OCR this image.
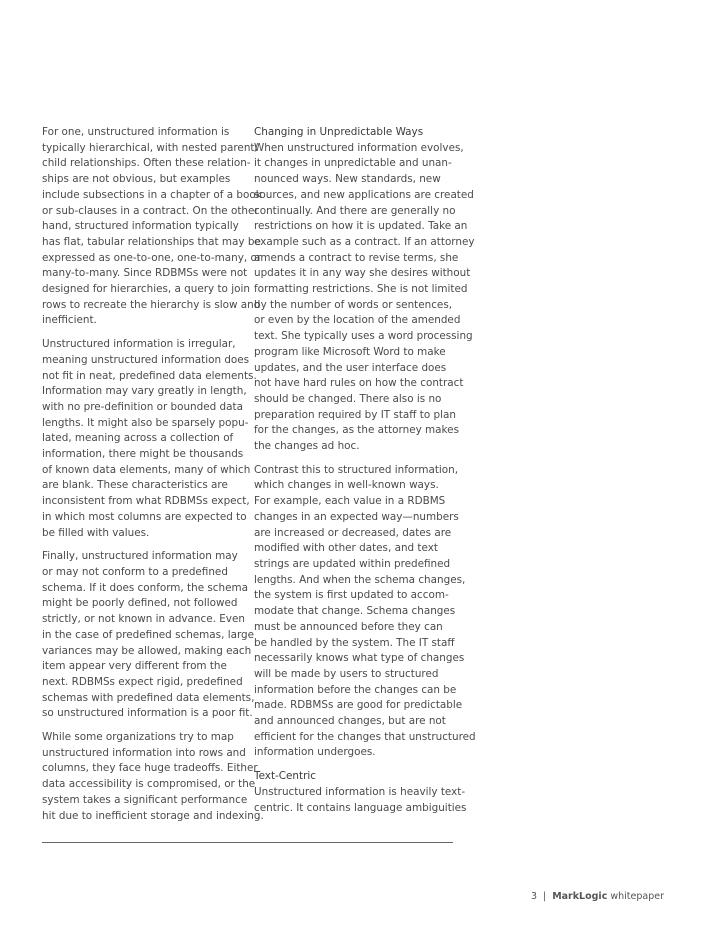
For one, unstructured information is
typically hierarchical, with nested parent/
child relationships. Often these relation-
ships are not obvious, but examples
include subsections in a chapter of a book
or sub-clauses in a contract. On the other
hand, structured information typically
has flat, tabular relationships that may be
expressed as one-to-one, one-to-many, or
many-to-many. Since RDBMSs were not
designed for hierarchies, a query to join
rows to recreate the hierarchy is slow and
inefficient.
Unstructured information is irregular,
meaning unstructured information does
not fit in neat, predefined data elements.
Information may vary greatly in length,
with no pre-definition or bounded data
lengths. It might also be sparsely popu-
lated, meaning across a collection of
information, there might be thousands
of known data elements, many of which
are blank. These characteristics are
inconsistent from what RDBMSs expect,
in which most columns are expected to
be filled with values.
Finally, unstructured information may
or may not conform to a predefined
schema. If it does conform, the schema
might be poorly defined, not followed
strictly, or not known in advance. Even
in the case of predefined schemas, large
variances may be allowed, making each
item appear very different from the
next. RDBMSs expect rigid, predefined
schemas with predefined data elements,
so unstructured information is a poor fit.
While some organizations try to map
unstructured information into rows and
columns, they face huge tradeoffs. Either
data accessibility is compromised, or the
system takes a significant performance
hit due to inefficient storage and indexing.
Changing in Unpredictable Ways
When unstructured information evolves,
it changes in unpredictable and unan-
nounced ways. New standards, new
sources, and new applications are created
continually. And there are generally no
restrictions on how it is updated. Take an
example such as a contract. If an attorney
amends a contract to revise terms, she
updates it in any way she desires without
formatting restrictions. She is not limited
by the number of words or sentences,
or even by the location of the amended
text. She typically uses a word processing
program like Microsoft Word to make
updates, and the user interface does
not have hard rules on how the contract
should be changed. There also is no
preparation required by IT staff to plan
for the changes, as the attorney makes
the changes ad hoc.
Contrast this to structured information,
which changes in well-known ways.
For example, each value in a RDBMS
changes in an expected way—numbers
are increased or decreased, dates are
modified with other dates, and text
strings are updated within predefined
lengths. And when the schema changes,
the system is first updated to accom-
modate that change. Schema changes
must be announced before they can
be handled by the system. The IT staff
necessarily knows what type of changes
will be made by users to structured
information before the changes can be
made. RDBMSs are good for predictable
and announced changes, but are not
efficient for the changes that unstructured
information undergoes.
Text-Centric
Unstructured information is heavily text-
centric. It contains language ambiguities
3 | MarkLogic whitepaper
